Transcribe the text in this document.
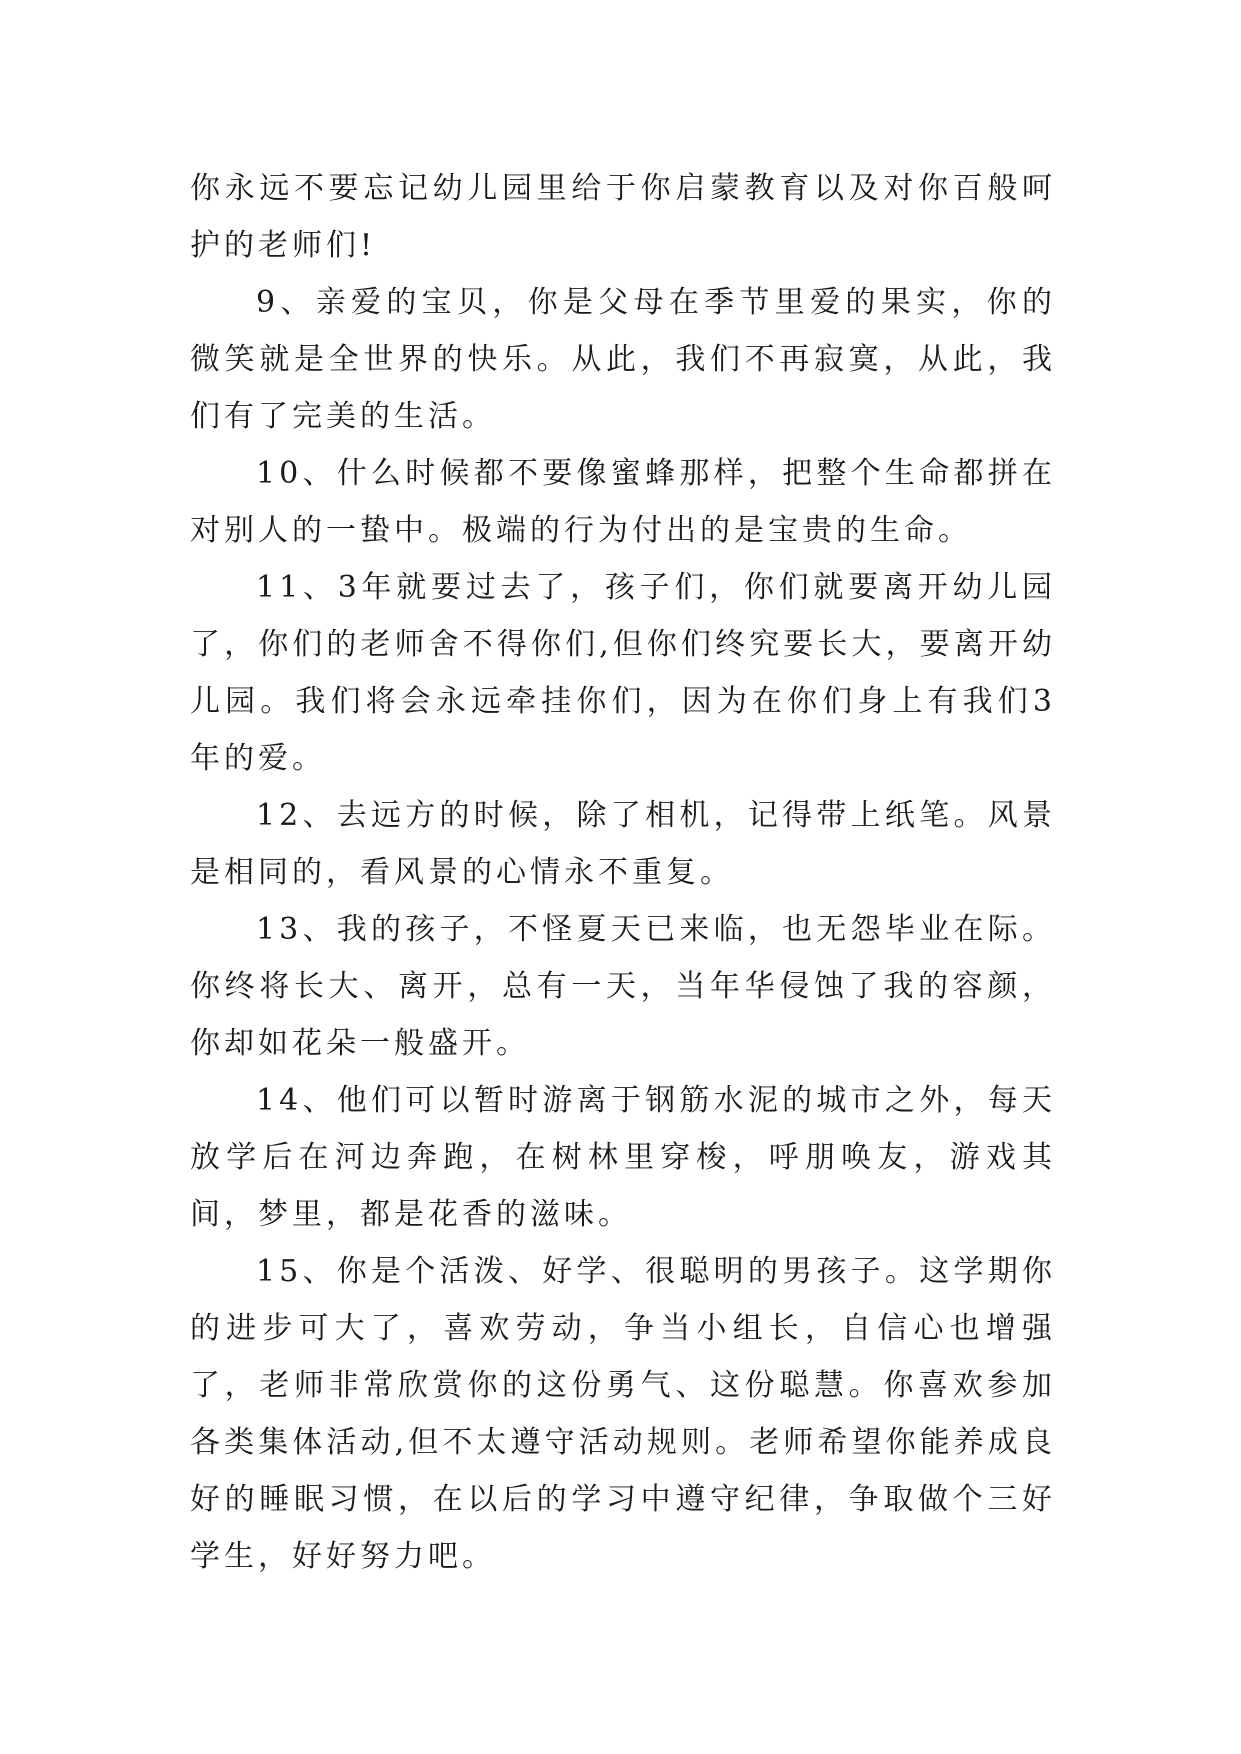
你永远不要忘记幼儿园里给于你启蒙教育以及对你百般呵护的老师们!

9、亲爱的宝贝，你是父母在季节里爱的果实，你的微笑就是全世界的快乐。从此，我们不再寂寞，从此，我们有了完美的生活。

10、什么时候都不要像蜜蜂那样，把整个生命都拼在对别人的一蛰中。极端的行为付出的是宝贵的生命。

11、3年就要过去了，孩子们，你们就要离开幼儿园了，你们的老师舍不得你们,但你们终究要长大，要离开幼儿园。我们将会永远牵挂你们，因为在你们身上有我们3年的爱。

12、去远方的时候，除了相机，记得带上纸笔。风景是相同的，看风景的心情永不重复。

13、我的孩子，不怪夏天已来临，也无怨毕业在际。你终将长大、离开，总有一天，当年华侵蚀了我的容颜，你却如花朵一般盛开。

14、他们可以暂时游离于钢筋水泥的城市之外，每天放学后在河边奔跑，在树林里穿梭，呼朋唤友，游戏其间，梦里，都是花香的滋味。

15、你是个活泼、好学、很聪明的男孩子。这学期你的进步可大了，喜欢劳动，争当小组长，自信心也增强了，老师非常欣赏你的这份勇气、这份聪慧。你喜欢参加各类集体活动,但不太遵守活动规则。老师希望你能养成良好的睡眠习惯，在以后的学习中遵守纪律，争取做个三好学生，好好努力吧。
